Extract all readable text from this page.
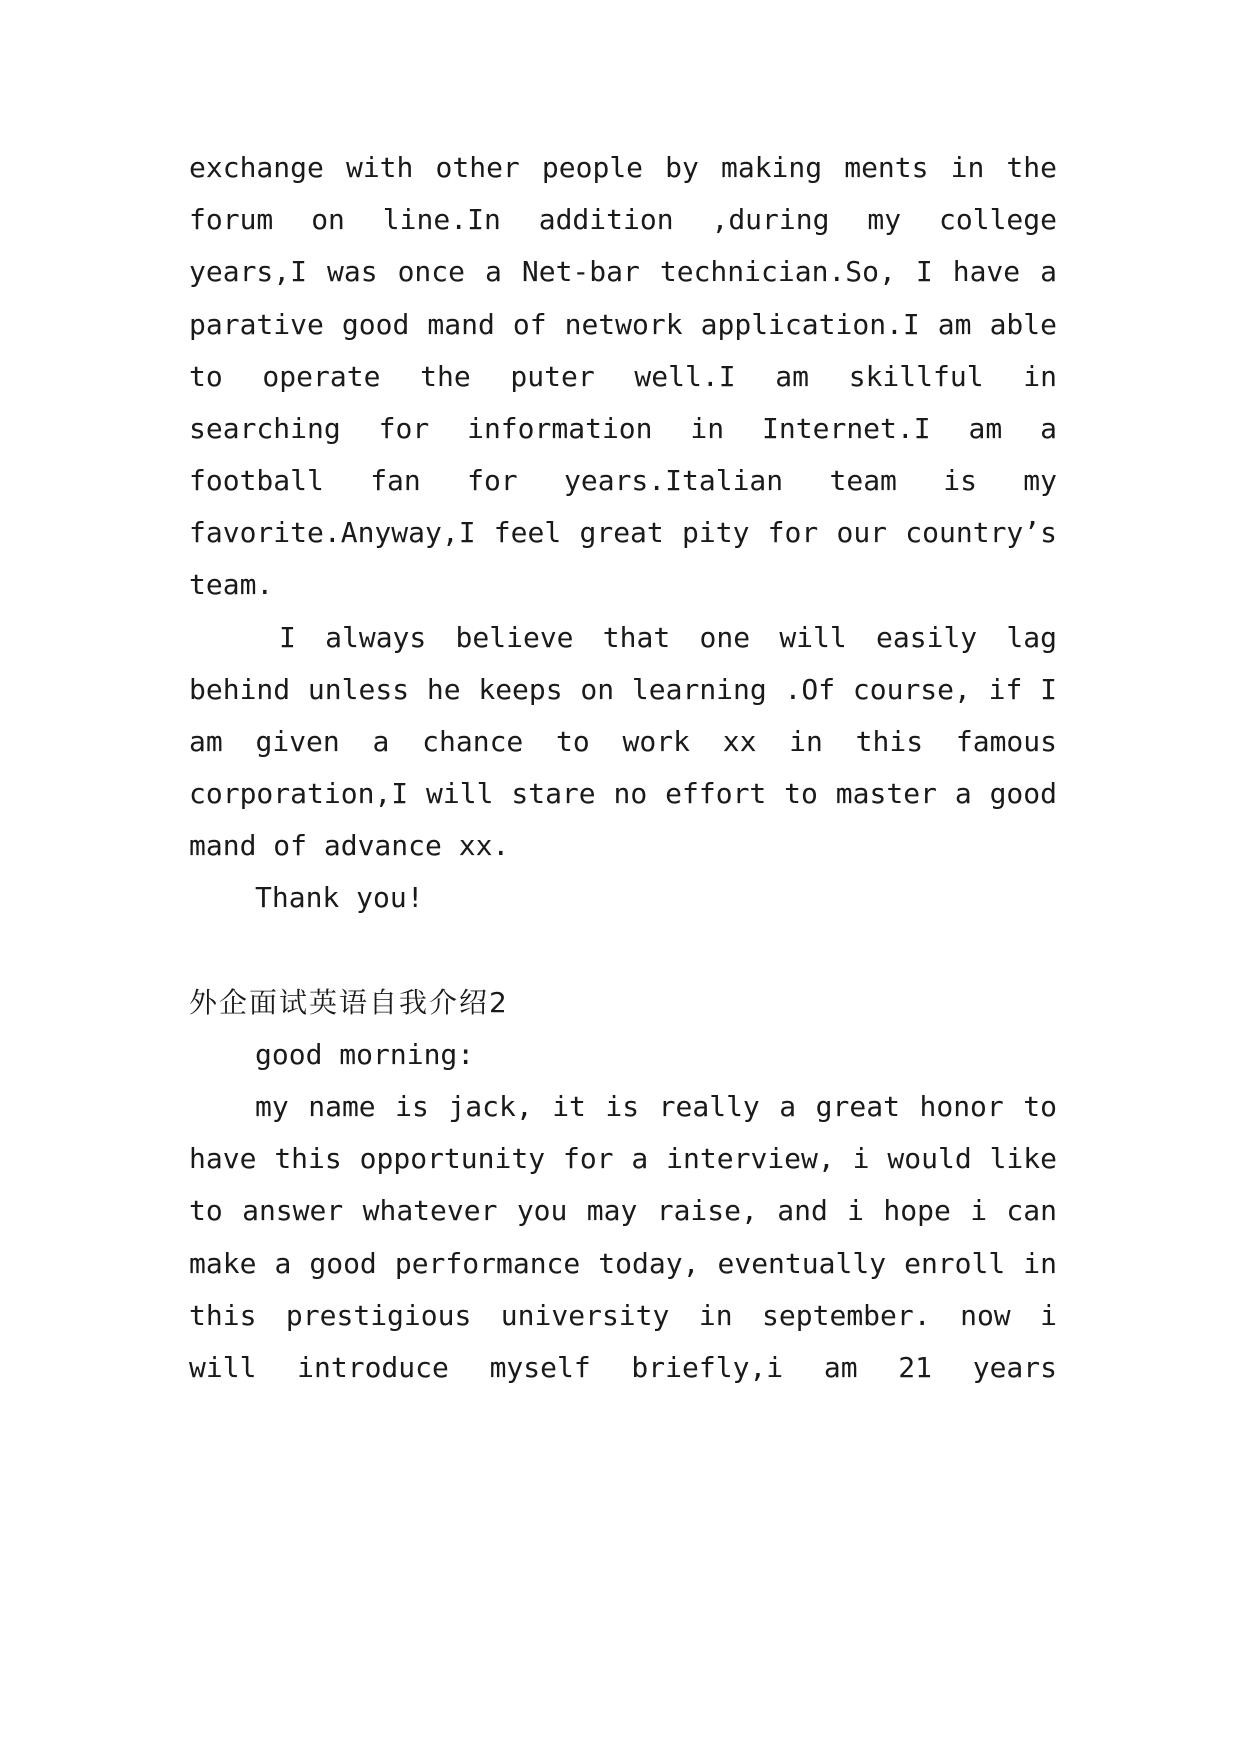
exchange with other people by making ments in the
forum on line.In addition ,during my college
years,I was once a Net-bar technician.So, I have a
parative good mand of network application.I am able
to operate the puter well.I am skillful in
searching for information in Internet.I am a
football fan for years.Italian team is my
favorite.Anyway,I feel great pity for our country’s
team.
I always believe that one will easily lag
behind unless he keeps on learning .Of course, if I
am given a chance to work xx in this famous
corporation,I will stare no effort to master a good
mand of advance xx.
Thank you!
外企面试英语自我介绍2
good morning:
my name is jack, it is really a great honor to
have this opportunity for a interview, i would like
to answer whatever you may raise, and i hope i can
make a good performance today, eventually enroll in
this prestigious university in september. now i
will introduce myself briefly,i am 21 years
